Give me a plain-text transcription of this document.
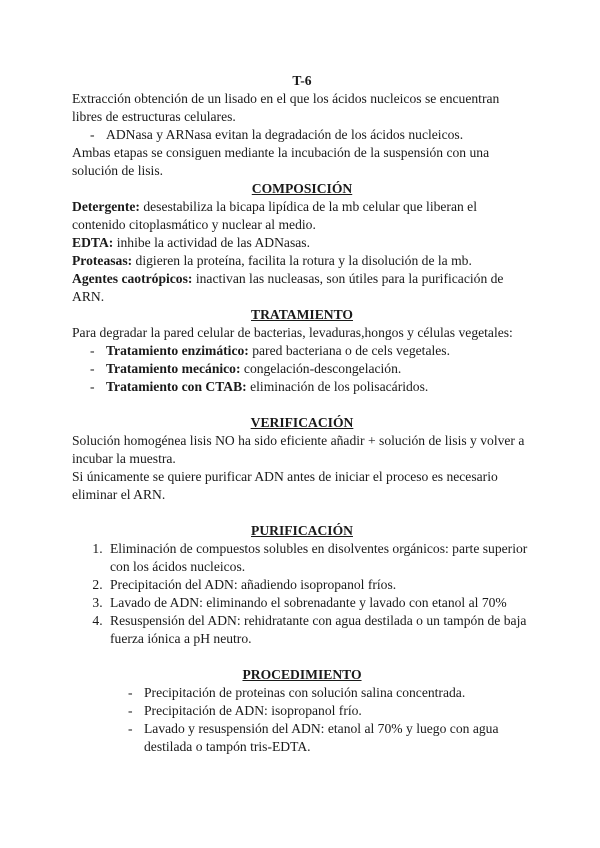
T-6

Extracción obtención de un lisado en el que los ácidos nucleicos se encuentran libres de estructuras celulares.

- ADNasa y ARNasa evitan la degradación de los ácidos nucleicos.

Ambas etapas se consiguen mediante la incubación de la suspensión con una solución de lisis.

COMPOSICIÓN

Detergente: desestabiliza la bicapa lipídica de la mb celular que liberan el contenido citoplasmático y nuclear al medio.

EDTA: inhibe la actividad de las ADNasas.

Proteasas: digieren la proteína, facilita la rotura y la disolución de la mb.

Agentes caotrópicos: inactivan las nucleasas, son útiles para la purificación de ARN.

TRATAMIENTO

Para degradar la pared celular de bacterias, levaduras,hongos y células vegetales:

- Tratamiento enzimático: pared bacteriana o de cels vegetales.
- Tratamiento mecánico: congelación-descongelación.
- Tratamiento con CTAB: eliminación de los polisacáridos.

VERIFICACIÓN

Solución homogénea lisis NO ha sido eficiente añadir + solución de lisis y volver a incubar la muestra.

Si únicamente se quiere purificar ADN antes de iniciar el proceso es necesario eliminar el ARN.

PURIFICACIÓN

1. Eliminación de compuestos solubles en disolventes orgánicos: parte superior con los ácidos nucleicos.
2. Precipitación del ADN: añadiendo isopropanol fríos.
3. Lavado de ADN: eliminando el sobrenadante y lavado con etanol al 70%
4. Resuspensión del ADN: rehidratante con agua destilada o un tampón de baja fuerza iónica a pH neutro.

PROCEDIMIENTO

- Precipitación de proteinas con solución salina concentrada.
- Precipitación de ADN: isopropanol frío.
- Lavado y resuspensión del ADN: etanol al 70% y luego con agua destilada o tampón tris-EDTA.
